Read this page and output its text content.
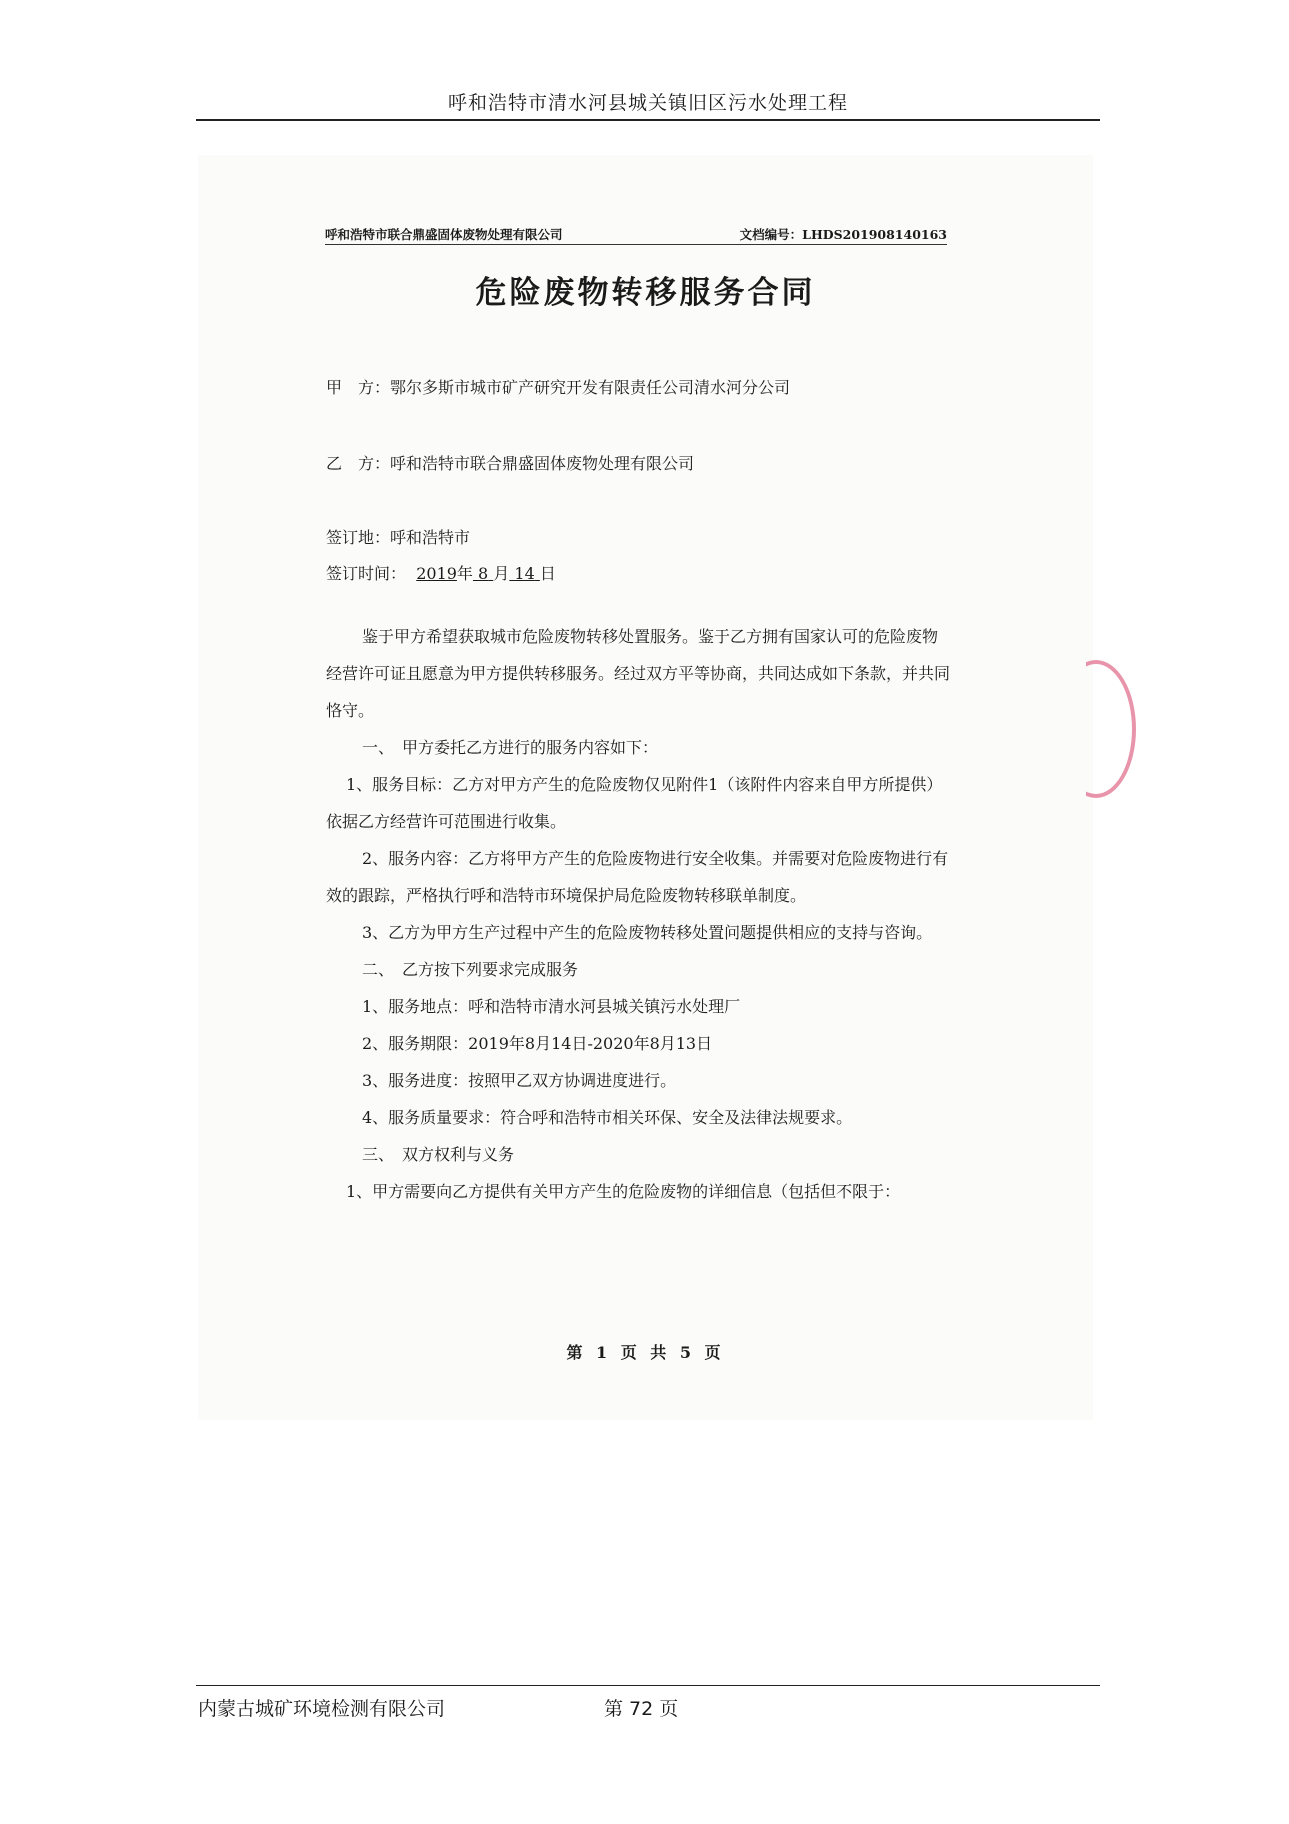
呼和浩特市清水河县城关镇旧区污水处理工程
呼和浩特市联合鼎盛固体废物处理有限公司	文档编号：LHDS201908140163
危险废物转移服务合同
甲　方：鄂尔多斯市城市矿产研究开发有限责任公司清水河分公司
乙　方：呼和浩特市联合鼎盛固体废物处理有限公司
签订地：呼和浩特市
签订时间： 2019年 8 月 14 日

鉴于甲方希望获取城市危险废物转移处置服务。鉴于乙方拥有国家认可的危险废物经营许可证且愿意为甲方提供转移服务。经过双方平等协商，共同达成如下条款，并共同恪守。

一、　甲方委托乙方进行的服务内容如下：

1、服务目标：乙方对甲方产生的危险废物仅见附件1（该附件内容来自甲方所提供）依据乙方经营许可范围进行收集。

2、服务内容：乙方将甲方产生的危险废物进行安全收集。并需要对危险废物进行有效的跟踪，严格执行呼和浩特市环境保护局危险废物转移联单制度。

3、乙方为甲方生产过程中产生的危险废物转移处置问题提供相应的支持与咨询。

二、　乙方按下列要求完成服务

1、服务地点：呼和浩特市清水河县城关镇污水处理厂

2、服务期限：2019年8月14日-2020年8月13日

3、服务进度：按照甲乙双方协调进度进行。

4、服务质量要求：符合呼和浩特市相关环保、安全及法律法规要求。

三、　双方权利与义务

1、甲方需要向乙方提供有关甲方产生的危险废物的详细信息（包括但不限于：

第 1 页 共 5 页
内蒙古城矿环境检测有限公司	第 72 页
